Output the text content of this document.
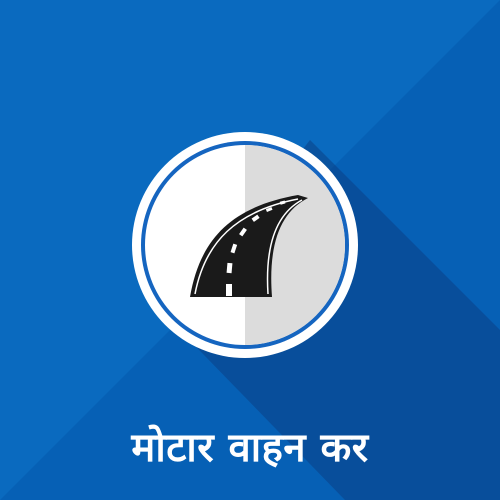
मोटार वाहन कर
